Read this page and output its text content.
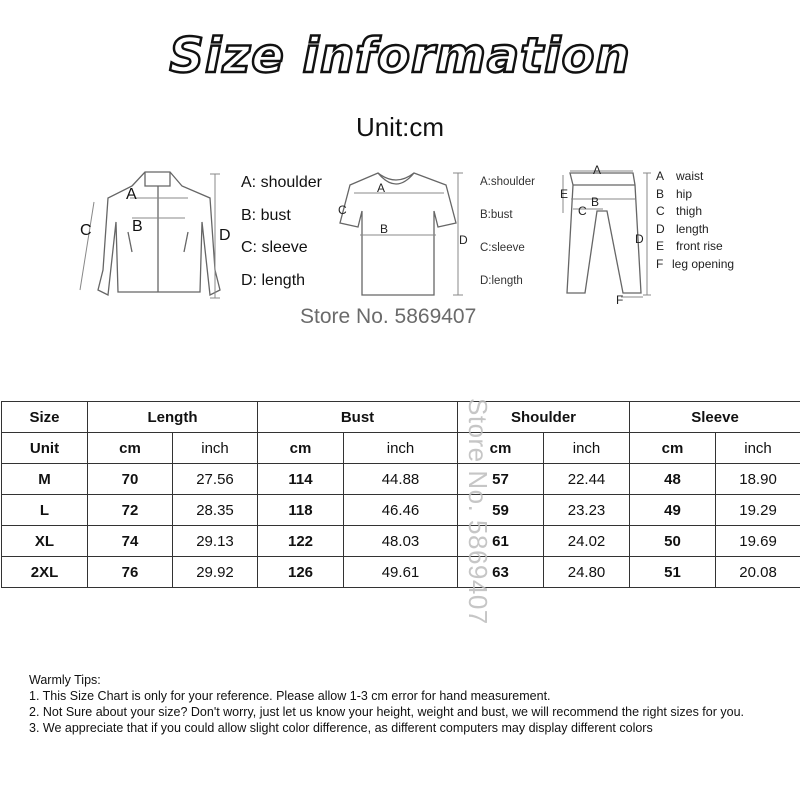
Size information
Unit:cm
A
B
C	D
A: shoulder
B: bust
C: sleeve
D: length
A
B
C
D
A:shoulder
B:bust
C:sleeve
D:length
A
B
C
D
E
F
A waist
B hip
C thigh
D length
E front rise
F leg opening
Store No. 5869407
Size	Length		Bust		Shoulder		Sleeve	
Unit	cm	inch	cm	inch	cm	inch	cm	inch
M	70	27.56	114	44.88	57	22.44	48	18.90
L	72	28.35	118	46.46	59	23.23	49	19.29
XL	74	29.13	122	48.03	61	24.02	50	19.69
2XL	76	29.92	126	49.61	63	24.80	51	20.08
Store No. 5869407
Warmly Tips:
1. This Size Chart is only for your reference. Please allow 1-3 cm error for hand measurement.
2. Not Sure about your size? Don't worry, just let us know your height, weight and bust, we will recommend the right sizes for you.
3. We appreciate that if you could allow slight color difference, as different computers may display different colors
